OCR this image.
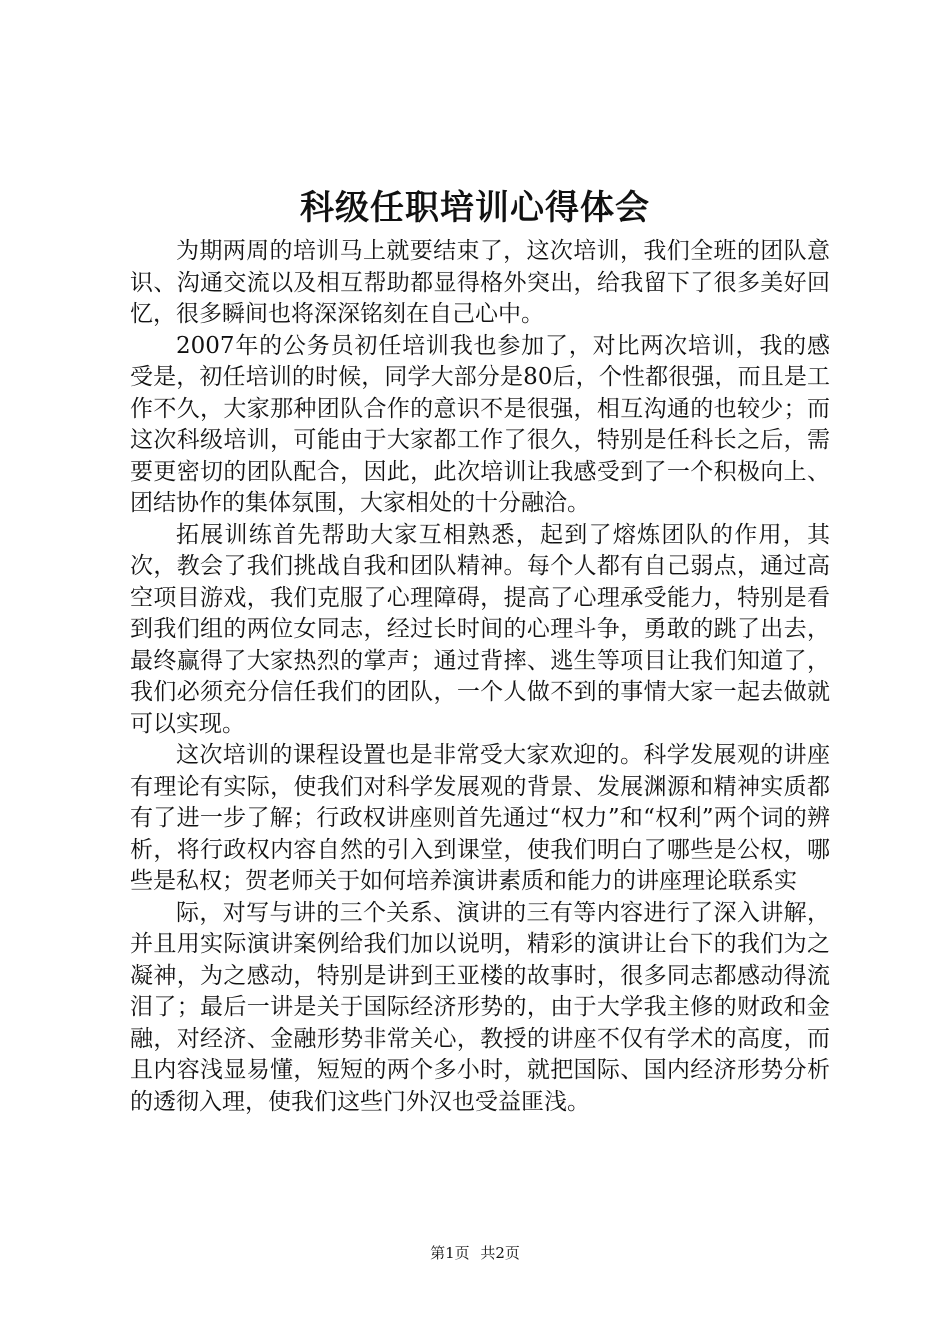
科级任职培训心得体会

为期两周的培训马上就要结束了，这次培训，我们全班的团队意识、沟通交流以及相互帮助都显得格外突出，给我留下了很多美好回忆，很多瞬间也将深深铭刻在自己心中。

2007年的公务员初任培训我也参加了，对比两次培训，我的感受是，初任培训的时候，同学大部分是80后，个性都很强，而且是工作不久，大家那种团队合作的意识不是很强，相互沟通的也较少；而这次科级培训，可能由于大家都工作了很久，特别是任科长之后，需要更密切的团队配合，因此，此次培训让我感受到了一个积极向上、团结协作的集体氛围，大家相处的十分融洽。

拓展训练首先帮助大家互相熟悉，起到了熔炼团队的作用，其次，教会了我们挑战自我和团队精神。每个人都有自己弱点，通过高空项目游戏，我们克服了心理障碍，提高了心理承受能力，特别是看到我们组的两位女同志，经过长时间的心理斗争，勇敢的跳了出去，最终赢得了大家热烈的掌声；通过背摔、逃生等项目让我们知道了，我们必须充分信任我们的团队，一个人做不到的事情大家一起去做就可以实现。

这次培训的课程设置也是非常受大家欢迎的。科学发展观的讲座有理论有实际，使我们对科学发展观的背景、发展渊源和精神实质都有了进一步了解；行政权讲座则首先通过“权力”和“权利”两个词的辨析，将行政权内容自然的引入到课堂，使我们明白了哪些是公权，哪些是私权；贺老师关于如何培养演讲素质和能力的讲座理论联系实

际，对写与讲的三个关系、演讲的三有等内容进行了深入讲解，并且用实际演讲案例给我们加以说明，精彩的演讲让台下的我们为之凝神，为之感动，特别是讲到王亚楼的故事时，很多同志都感动得流泪了；最后一讲是关于国际经济形势的，由于大学我主修的财政和金融，对经济、金融形势非常关心，教授的讲座不仅有学术的高度，而且内容浅显易懂，短短的两个多小时，就把国际、国内经济形势分析的透彻入理，使我们这些门外汉也受益匪浅。

第1页 共2页
